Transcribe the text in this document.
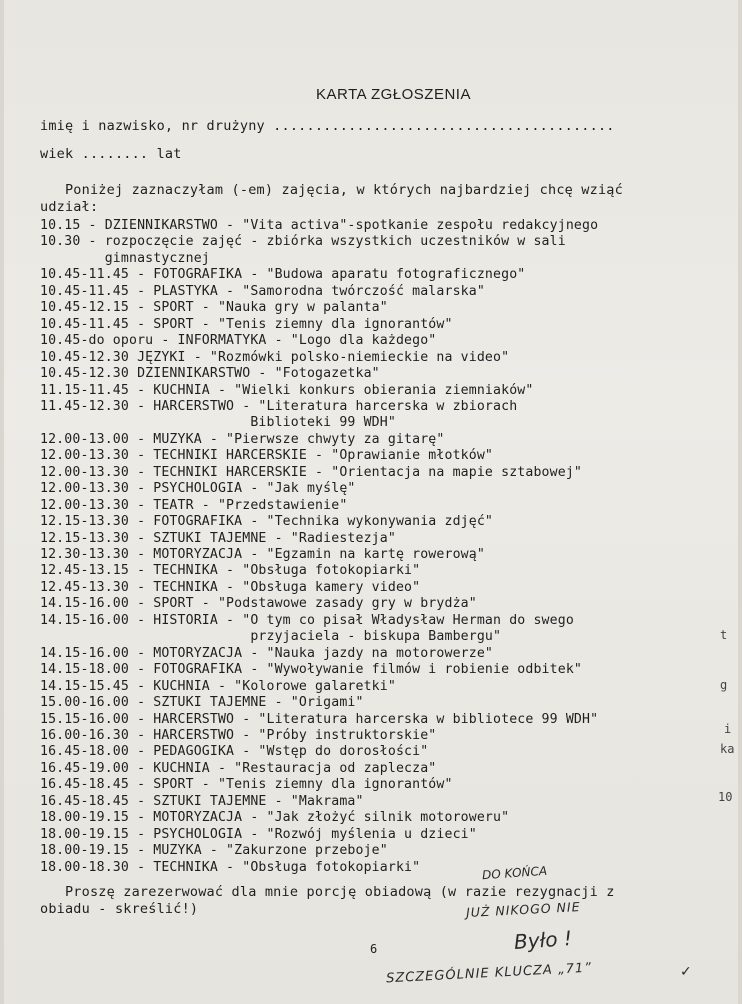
KARTA ZGŁOSZENIA
imię i nazwisko, nr drużyny .........................................
wiek ........ lat
Poniżej zaznaczyłam (-em) zajęcia, w których najbardziej chcę wziąć
udział:
10.15 - DZIENNIKARSTWO - "Vita activa"-spotkanie zespołu redakcyjnego
10.30 - rozpoczęcie zajęć - zbiórka wszystkich uczestników w sali
gimnastycznej
10.45-11.45 - FOTOGRAFIKA - "Budowa aparatu fotograficznego"
10.45-11.45 - PLASTYKA - "Samorodna twórczość malarska"
10.45-12.15 - SPORT - "Nauka gry w palanta"
10.45-11.45 - SPORT - "Tenis ziemny dla ignorantów"
10.45-do oporu - INFORMATYKA - "Logo dla każdego"
10.45-12.30 JĘZYKI - "Rozmówki polsko-niemieckie na video"
10.45-12.30 DZIENNIKARSTWO - "Fotogazetka"
11.15-11.45 - KUCHNIA - "Wielki konkurs obierania ziemniaków"
11.45-12.30 - HARCERSTWO - "Literatura harcerska w zbiorach
Biblioteki 99 WDH"
12.00-13.00 - MUZYKA - "Pierwsze chwyty za gitarę"
12.00-13.30 - TECHNIKI HARCERSKIE - "Oprawianie młotków"
12.00-13.30 - TECHNIKI HARCERSKIE - "Orientacja na mapie sztabowej"
12.00-13.30 - PSYCHOLOGIA - "Jak myślę"
12.00-13.30 - TEATR - "Przedstawienie"
12.15-13.30 - FOTOGRAFIKA - "Technika wykonywania zdjęć"
12.15-13.30 - SZTUKI TAJEMNE - "Radiestezja"
12.30-13.30 - MOTORYZACJA - "Egzamin na kartę rowerową"
12.45-13.15 - TECHNIKA - "Obsługa fotokopiarki"
12.45-13.30 - TECHNIKA - "Obsługa kamery video"
14.15-16.00 - SPORT - "Podstawowe zasady gry w brydża"
14.15-16.00 - HISTORIA - "O tym co pisał Władysław Herman do swego
przyjaciela - biskupa Bambergu"
14.15-16.00 - MOTORYZACJA - "Nauka jazdy na motorowerze"
14.15-18.00 - FOTOGRAFIKA - "Wywoływanie filmów i robienie odbitek"
14.15-15.45 - KUCHNIA - "Kolorowe galaretki"
15.00-16.00 - SZTUKI TAJEMNE - "Origami"
15.15-16.00 - HARCERSTWO - "Literatura harcerska w bibliotece 99 WDH"
16.00-16.30 - HARCERSTWO - "Próby instruktorskie"
16.45-18.00 - PEDAGOGIKA - "Wstęp do dorosłości"
16.45-19.00 - KUCHNIA - "Restauracja od zaplecza"
16.45-18.45 - SPORT - "Tenis ziemny dla ignorantów"
16.45-18.45 - SZTUKI TAJEMNE - "Makrama"
18.00-19.15 - MOTORYZACJA - "Jak złożyć silnik motoroweru"
18.00-19.15 - PSYCHOLOGIA - "Rozwój myślenia u dzieci"
18.00-19.15 - MUZYKA - "Zakurzone przeboje"
18.00-18.30 - TECHNIKA - "Obsługa fotokopiarki"
Proszę zarezerwować dla mnie porcję obiadową (w razie rezygnacji z
obiadu - skreślić!)
6
DO KOŃCA
JUŻ NIKOGO NIE
Było !
SZCZEGÓLNIE KLUCZA „71”	✓
t
g
i
ka
10
